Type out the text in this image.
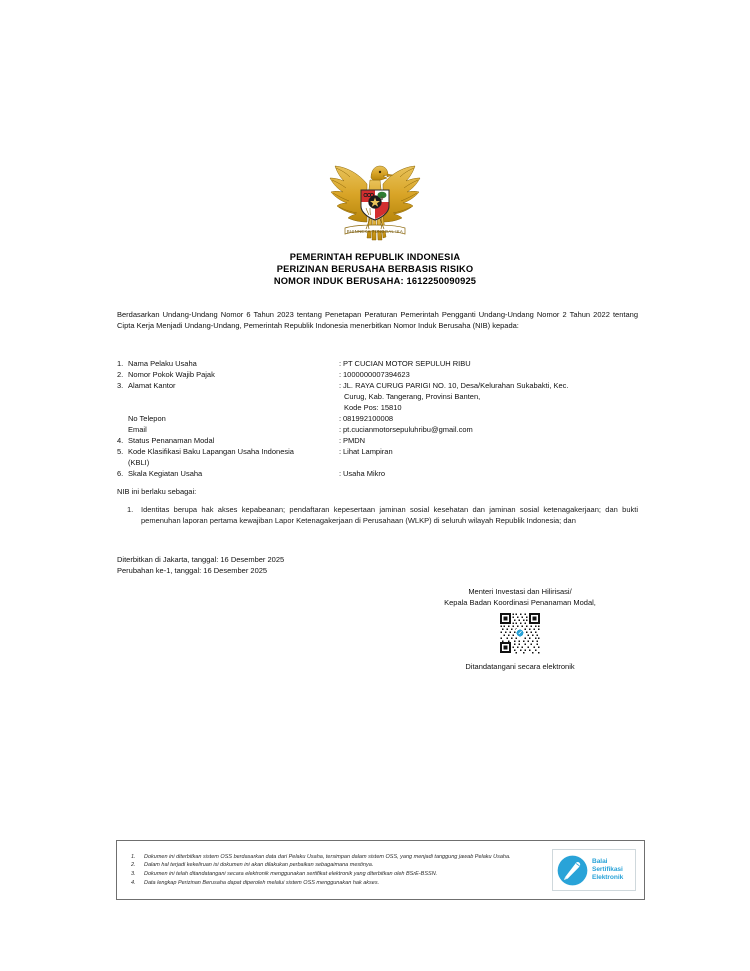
BHINNEKA TUNGGAL IKA
PEMERINTAH REPUBLIK INDONESIA
PERIZINAN BERUSAHA BERBASIS RISIKO
NOMOR INDUK BERUSAHA: 1612250090925
Berdasarkan Undang-Undang Nomor 6 Tahun 2023 tentang Penetapan Peraturan Pemerintah Pengganti Undang-Undang Nomor 2 Tahun 2022 tentang Cipta Kerja Menjadi Undang-Undang, Pemerintah Republik Indonesia menerbitkan Nomor Induk Berusaha (NIB) kepada:
1. Nama Pelaku Usaha	: PT CUCIAN MOTOR SEPULUH RIBU
2. Nomor Pokok Wajib Pajak	: 1000000007394623
3. Alamat Kantor	: JL. RAYA CURUG PARIGI NO. 10, Desa/Kelurahan Sukabakti, Kec.
Curug, Kab. Tangerang, Provinsi Banten,
Kode Pos: 15810
No Telepon	: 081992100008
Email	: pt.cucianmotorsepuluhribu@gmail.com
4. Status Penanaman Modal	: PMDN
5. Kode Klasifikasi Baku Lapangan Usaha Indonesia	: Lihat Lampiran
(KBLI)
6. Skala Kegiatan Usaha	: Usaha Mikro
NIB ini berlaku sebagai:
1.	Identitas berupa hak akses kepabeanan; pendaftaran kepesertaan jaminan sosial kesehatan dan jaminan sosial ketenagakerjaan; dan bukti pemenuhan laporan pertama kewajiban Lapor Ketenagakerjaan di Perusahaan (WLKP) di seluruh wilayah Republik Indonesia; dan
Diterbitkan di Jakarta, tanggal: 16 Desember 2025
Perubahan ke-1, tanggal: 16 Desember 2025
Menteri Investasi dan Hilirisasi/
Kepala Badan Koordinasi Penanaman Modal,
Ditandatangani secara elektronik
1.	Dokumen ini diterbitkan sistem OSS berdasarkan data dari Pelaku Usaha, tersimpan dalam sistem OSS, yang menjadi tanggung jawab Pelaku Usaha.
2.	Dalam hal terjadi kekeliruan isi dokumen ini akan dilakukan perbaikan sebagaimana mestinya.
3.	Dokumen ini telah ditandatangani secara elektronik menggunakan sertifikat elektronik yang diterbitkan oleh BSrE-BSSN.
4.	Data lengkap Perizinan Berusaha dapat diperoleh melalui sistem OSS menggunakan hak akses.
Balai
Sertifikasi
Elektronik
